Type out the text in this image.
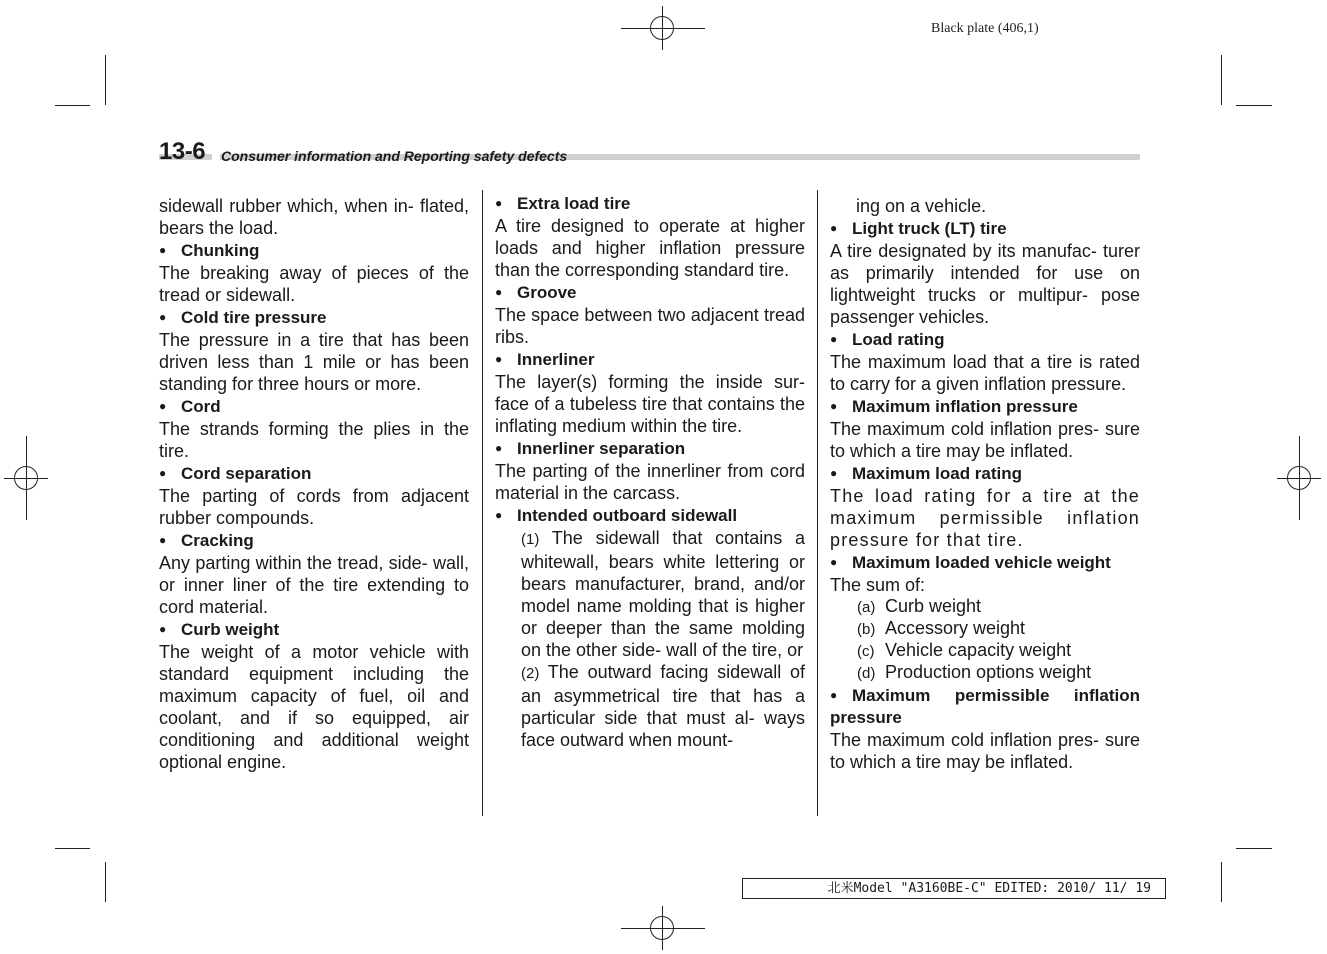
Black plate (406,1)
13-6 Consumer information and Reporting safety defects

sidewall rubber which, when in- flated, bears the load.

● Chunking

The breaking away of pieces of the tread or sidewall.

● Cold tire pressure

The pressure in a tire that has been driven less than 1 mile or has been standing for three hours or more.

● Cord

The strands forming the plies in the tire.

● Cord separation

The parting of cords from adjacent rubber compounds.

● Cracking

Any parting within the tread, side- wall, or inner liner of the tire extending to cord material.

● Curb weight

The weight of a motor vehicle with standard equipment including the maximum capacity of fuel, oil and coolant, and if so equipped, air conditioning and additional weight optional engine.

● Extra load tire

A tire designed to operate at higher loads and higher inflation pressure than the corresponding standard tire.

● Groove

The space between two adjacent tread ribs.

● Innerliner

The layer(s) forming the inside sur- face of a tubeless tire that contains the inflating medium within the tire.

● Innerliner separation

The parting of the innerliner from cord material in the carcass.

● Intended outboard sidewall

(1) The sidewall that contains a whitewall, bears white lettering or bears manufacturer, brand, and/or model name molding that is higher or deeper than the same molding on the other side- wall of the tire, or

(2) The outward facing sidewall of an asymmetrical tire that has a particular side that must al- ways face outward when mount-

ing on a vehicle.

● Light truck (LT) tire

A tire designated by its manufac- turer as primarily intended for use on lightweight trucks or multipur- pose passenger vehicles.

● Load rating

The maximum load that a tire is rated to carry for a given inflation pressure.

● Maximum inflation pressure

The maximum cold inflation pres- sure to which a tire may be inflated.

● Maximum load rating

The load rating for a tire at the maximum permissible inflation pressure for that tire.

● Maximum loaded vehicle weight

The sum of:

(a) Curb weight
(b) Accessory weight
(c) Vehicle capacity weight
(d) Production options weight

● Maximum permissible inflation pressure

The maximum cold inflation pres- sure to which a tire may be inflated.

北米Model "A3160BE-C" EDITED: 2010/ 11/ 19
